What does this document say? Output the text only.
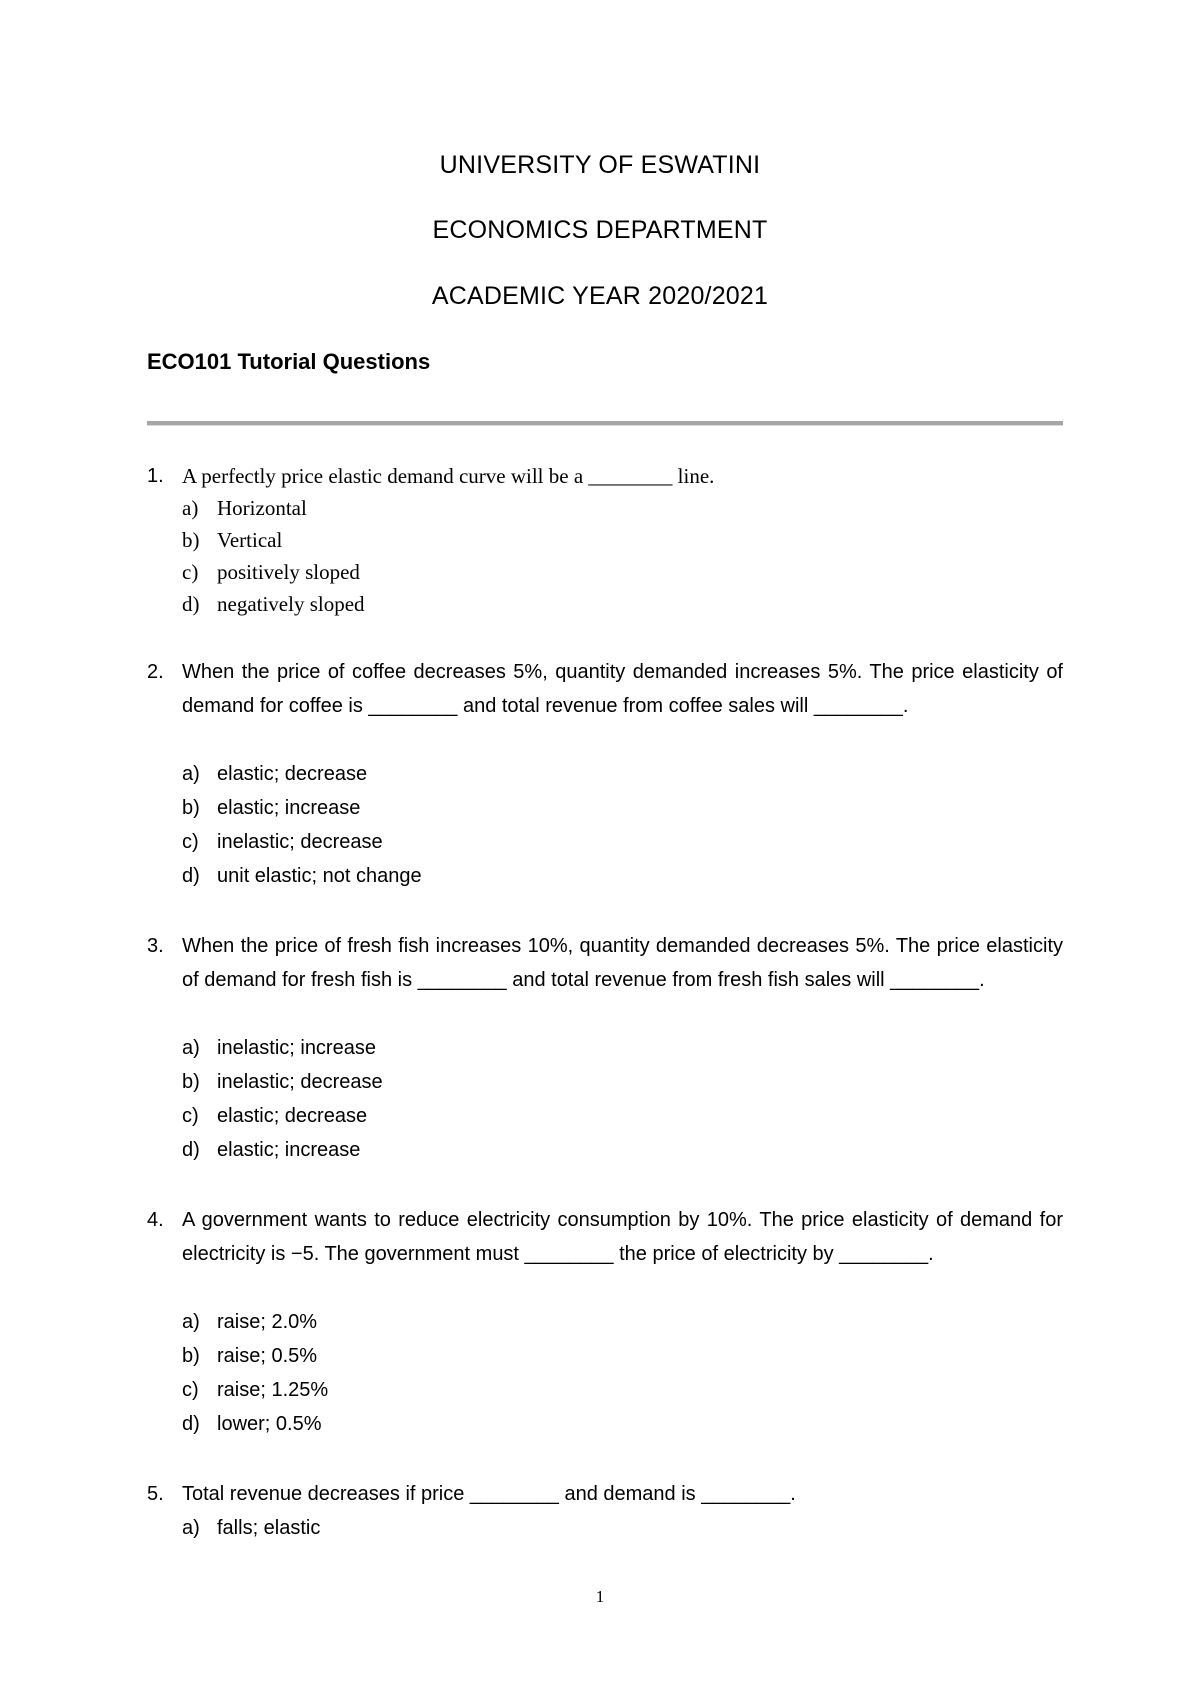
UNIVERSITY OF ESWATINI
ECONOMICS DEPARTMENT
ACADEMIC YEAR 2020/2021
ECO101 Tutorial Questions
1. A perfectly price elastic demand curve will be a ________ line.
a) Horizontal
b) Vertical
c) positively sloped
d) negatively sloped
2. When the price of coffee decreases 5%, quantity demanded increases 5%. The price elasticity of demand for coffee is ________ and total revenue from coffee sales will ________.
a) elastic; decrease
b) elastic; increase
c) inelastic; decrease
d) unit elastic; not change
3. When the price of fresh fish increases 10%, quantity demanded decreases 5%. The price elasticity of demand for fresh fish is ________ and total revenue from fresh fish sales will ________.
a) inelastic; increase
b) inelastic; decrease
c) elastic; decrease
d) elastic; increase
4. A government wants to reduce electricity consumption by 10%. The price elasticity of demand for electricity is −5. The government must ________ the price of electricity by ________.
a) raise; 2.0%
b) raise; 0.5%
c) raise; 1.25%
d) lower; 0.5%
5. Total revenue decreases if price ________ and demand is ________.
a) falls; elastic
1
